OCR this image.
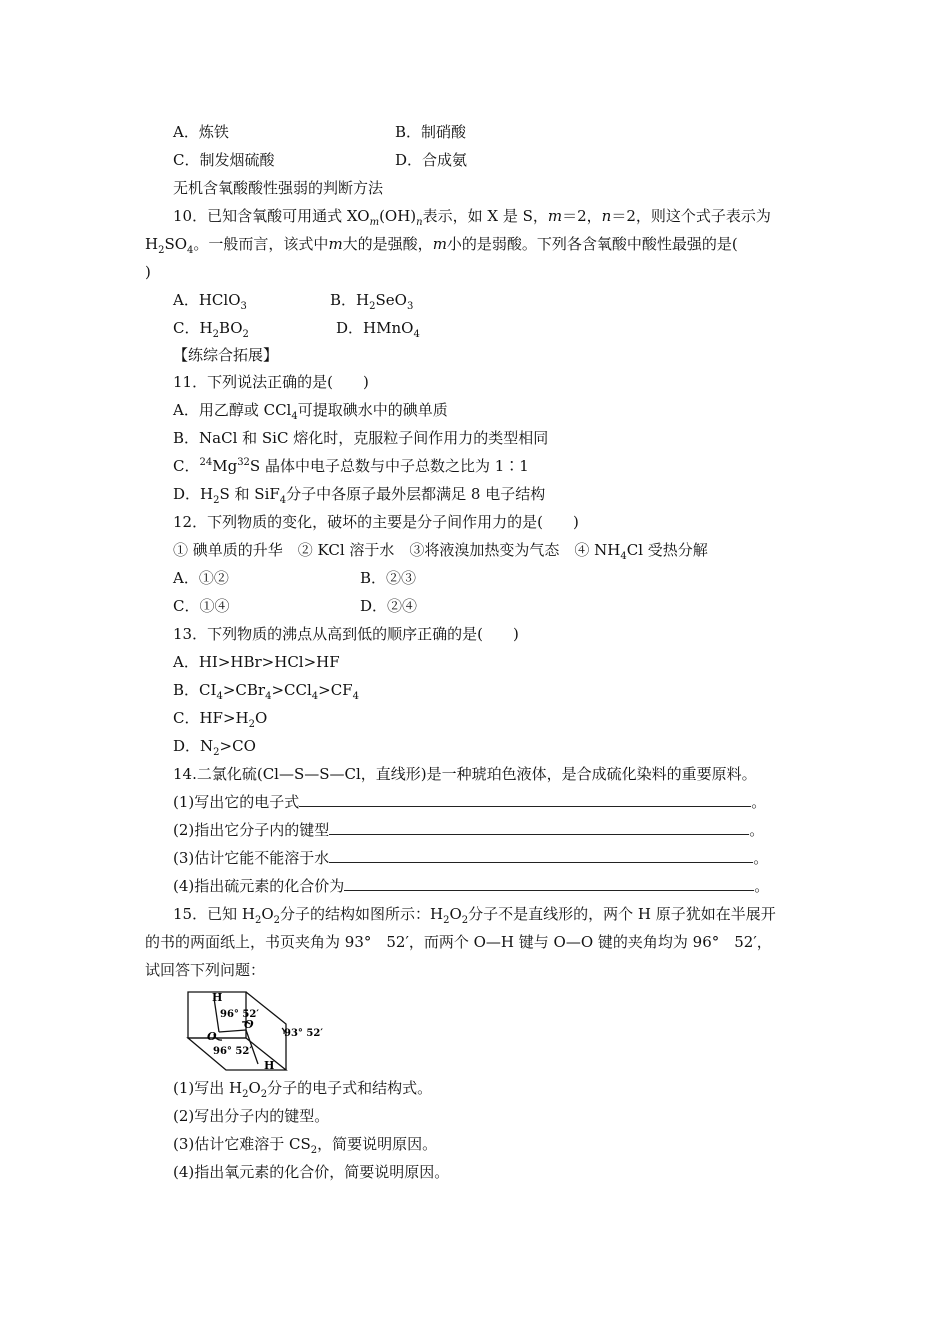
A．炼铁	B．制硝酸
C．制发烟硫酸	D．合成氨
无机含氧酸酸性强弱的判断方法
10．已知含氧酸可用通式 $XO_m(OH)_n$表示，如 X 是 S，m＝2，n＝2，则这个式子表示为
$H_2SO_4$。一般而言，该式中m大的是强酸，m小的是弱酸。下列各含氧酸中酸性最强的是(
)
A．HClO$_3$	B．$H_2SeO_3$
C．$H_2BO_2$	D．HMnO$_4$
【练综合拓展】
11．下列说法正确的是(　　)
A．用乙醇或 CCl$_4$可提取碘水中的碘单质
B．NaCl 和 SiC 熔化时，克服粒子间作用力的类型相同
C．$^{24}$Mg$^{32}$S 晶体中电子总数与中子总数之比为 1∶1
D．$H_2S$ 和 SiF$_4$分子中各原子最外层都满足 8 电子结构
12．下列物质的变化，破坏的主要是分子间作用力的是(　　)
① 碘单质的升华　② KCl 溶于水　③将液溴加热变为气态　④ $NH_4Cl$ 受热分解
A．①②	B．②③
C．①④	D．②④
13．下列物质的沸点从高到低的顺序正确的是(　　)
A．HI>HBr>HCl>HF
B．$CI_4>CBr_4>CCl_4>CF_4$
C．$HF>H_2O$
D．$N_2>CO$
14.二氯化硫(Cl—S—S—Cl，直线形)是一种琥珀色液体，是合成硫化染料的重要原料。
(1)写出它的电子式	。
(2)指出它分子内的键型	。
(3)估计它能不能溶于水	。
(4)指出硫元素的化合价为	。
15．已知 $H_2O_2$分子的结构如图所示：$H_2O_2$分子不是直线形的，两个 H 原子犹如在半展开
的书的两面纸上，书页夹角为 93°　52′，而两个 O—H 键与 O—O 键的夹角均为 96°　52′，
试回答下列问题：
H
96° 52′
O
O
93° 52′
96° 52′
H
(1)写出 $H_2O_2$分子的电子式和结构式。
(2)写出分子内的键型。
(3)估计它难溶于 $CS_2$，简要说明原因。
(4)指出氧元素的化合价，简要说明原因。
